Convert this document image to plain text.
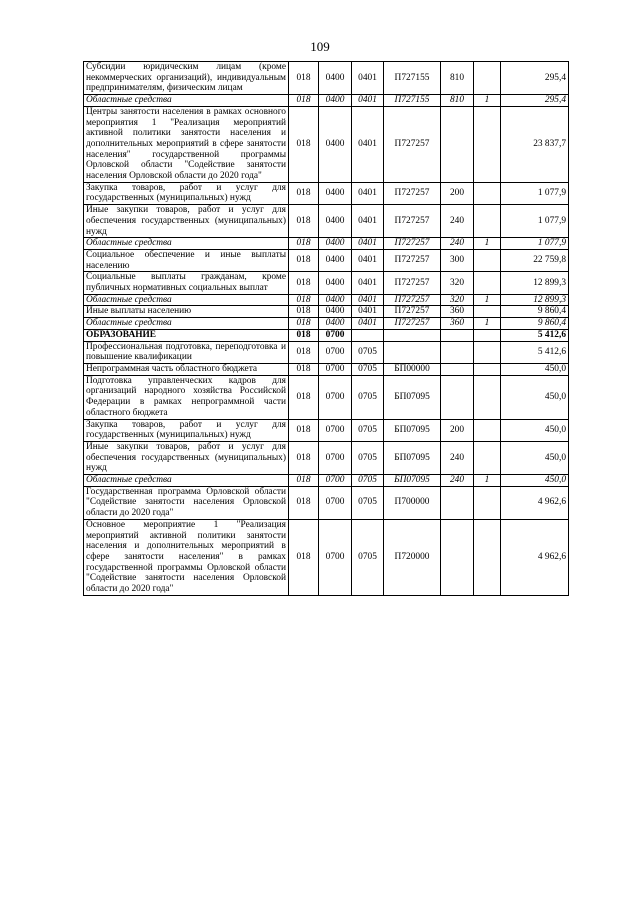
109
Субсидии юридическим лицам (кроме некоммерческих организаций), индивидуальным предпринимателям, физическим лицам	018	0400	0401	П727155	810		295,4
Областные средства	018	0400	0401	П727155	810	1	295,4
Центры занятости населения в рамках основного мероприятия 1 "Реализация мероприятий активной политики занятости населения и дополнительных мероприятий в сфере занятости населения" государственной программы Орловской области "Содействие занятости населения Орловской области до 2020 года"	018	0400	0401	П727257			23 837,7
Закупка товаров, работ и услуг для государственных (муниципальных) нужд	018	0400	0401	П727257	200		1 077,9
Иные закупки товаров, работ и услуг для обеспечения государственных (муниципальных) нужд	018	0400	0401	П727257	240		1 077,9
Областные средства	018	0400	0401	П727257	240	1	1 077,9
Социальное обеспечение и иные выплаты населению	018	0400	0401	П727257	300		22 759,8
Социальные выплаты гражданам, кроме публичных нормативных социальных выплат	018	0400	0401	П727257	320		12 899,3
Областные средства	018	0400	0401	П727257	320	1	12 899,3
Иные выплаты населению	018	0400	0401	П727257	360		9 860,4
Областные средства	018	0400	0401	П727257	360	1	9 860,4
ОБРАЗОВАНИЕ	018	0700					5 412,6
Профессиональная подготовка, переподготовка и повышение квалификации	018	0700	0705				5 412,6
Непрограммная часть областного бюджета	018	0700	0705	БП00000			450,0
Подготовка управленческих кадров для организаций народного хозяйства Российской Федерации в рамках непрограммной части областного бюджета	018	0700	0705	БП07095			450,0
Закупка товаров, работ и услуг для государственных (муниципальных) нужд	018	0700	0705	БП07095	200		450,0
Иные закупки товаров, работ и услуг для обеспечения государственных (муниципальных) нужд	018	0700	0705	БП07095	240		450,0
Областные средства	018	0700	0705	БП07095	240	1	450,0
Государственная программа Орловской области "Содействие занятости населения Орловской области до 2020 года"	018	0700	0705	П700000			4 962,6
Основное мероприятие 1 "Реализация мероприятий активной политики занятости населения и дополнительных мероприятий в сфере занятости населения" в рамках государственной программы Орловской области "Содействие занятости населения Орловской области до 2020 года"	018	0700	0705	П720000			4 962,6
